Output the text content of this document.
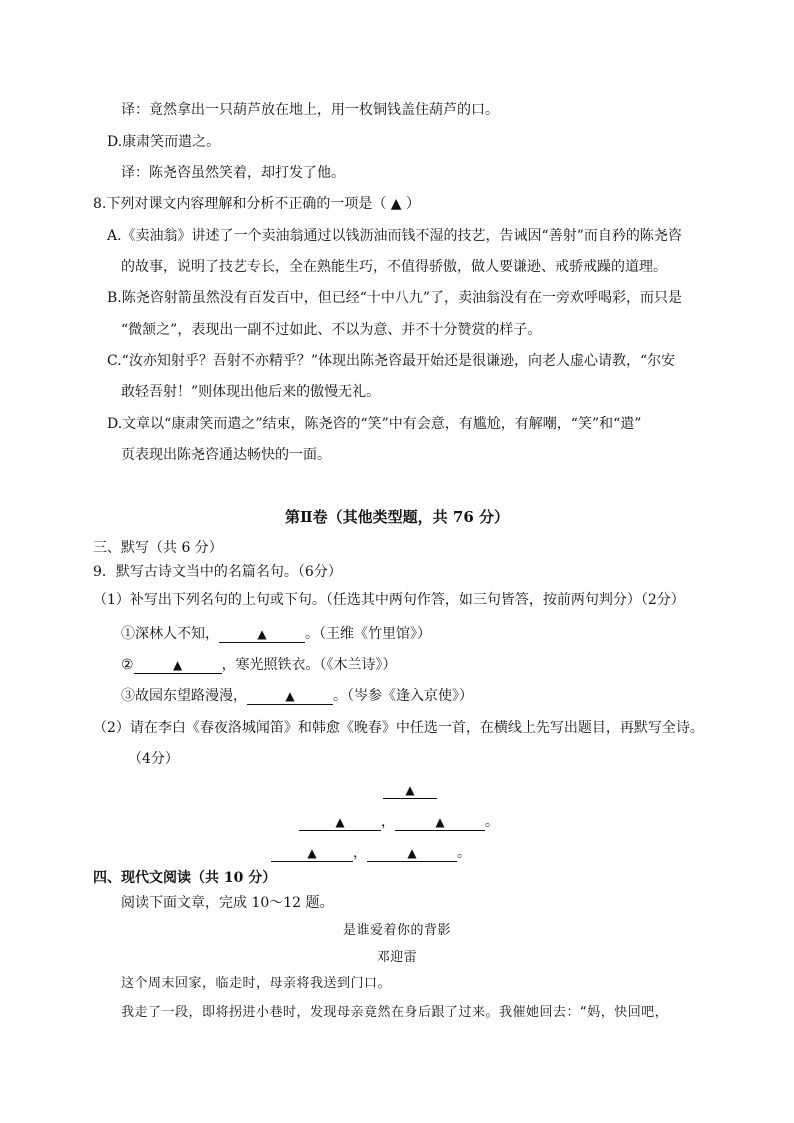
译：竟然拿出一只葫芦放在地上，用一枚铜钱盖住葫芦的口。
D.康肃笑而遣之。
译：陈尧咨虽然笑着，却打发了他。
8.下列对课文内容理解和分析不正确的一项是（ ▲ ）
A.《卖油翁》讲述了一个卖油翁通过以钱沥油而钱不湿的技艺，告诫因“善射”而自矜的陈尧咨
的故事，说明了技艺专长，全在熟能生巧，不值得骄傲，做人要谦逊、戒骄戒躁的道理。
B.陈尧咨射箭虽然没有百发百中，但已经“十中八九”了，卖油翁没有在一旁欢呼喝彩，而只是
“微颔之”，表现出一副不过如此、不以为意、并不十分赞赏的样子。
C.“汝亦知射乎？吾射不亦精乎？”体现出陈尧咨最开始还是很谦逊，向老人虚心请教，“尔安
敢轻吾射！”则体现出他后来的傲慢无礼。
D.文章以“康肃笑而遣之”结束，陈尧咨的“笑”中有会意，有尴尬，有解嘲，“笑”和“遣”
页表现出陈尧咨通达畅快的一面。
第Ⅱ卷（其他类型题，共 76 分）
三、默写（共 6 分）
9．默写古诗文当中的名篇名句。（6分）
（1）补写出下列名句的上句或下句。（任选其中两句作答，如三句皆答，按前两句判分）（2分）
①深林人不知，	▲	。（王维《竹里馆》）
②	▲	，寒光照铁衣。（《木兰诗》）
③故园东望路漫漫，	▲	。（岑参《逢入京使》）
（2）请在李白《春夜洛城闻笛》和韩愈《晚春》中任选一首，在横线上先写出题目，再默写全诗。
（4分）
▲
▲	，	▲	。
▲	，	▲	。
四、现代文阅读（共 10 分）
阅读下面文章，完成 10～12 题。
是谁爱着你的背影
邓迎雷
这个周末回家，临走时，母亲将我送到门口。
我走了一段，即将拐进小巷时，发现母亲竟然在身后跟了过来。我催她回去：“妈，快回吧，
